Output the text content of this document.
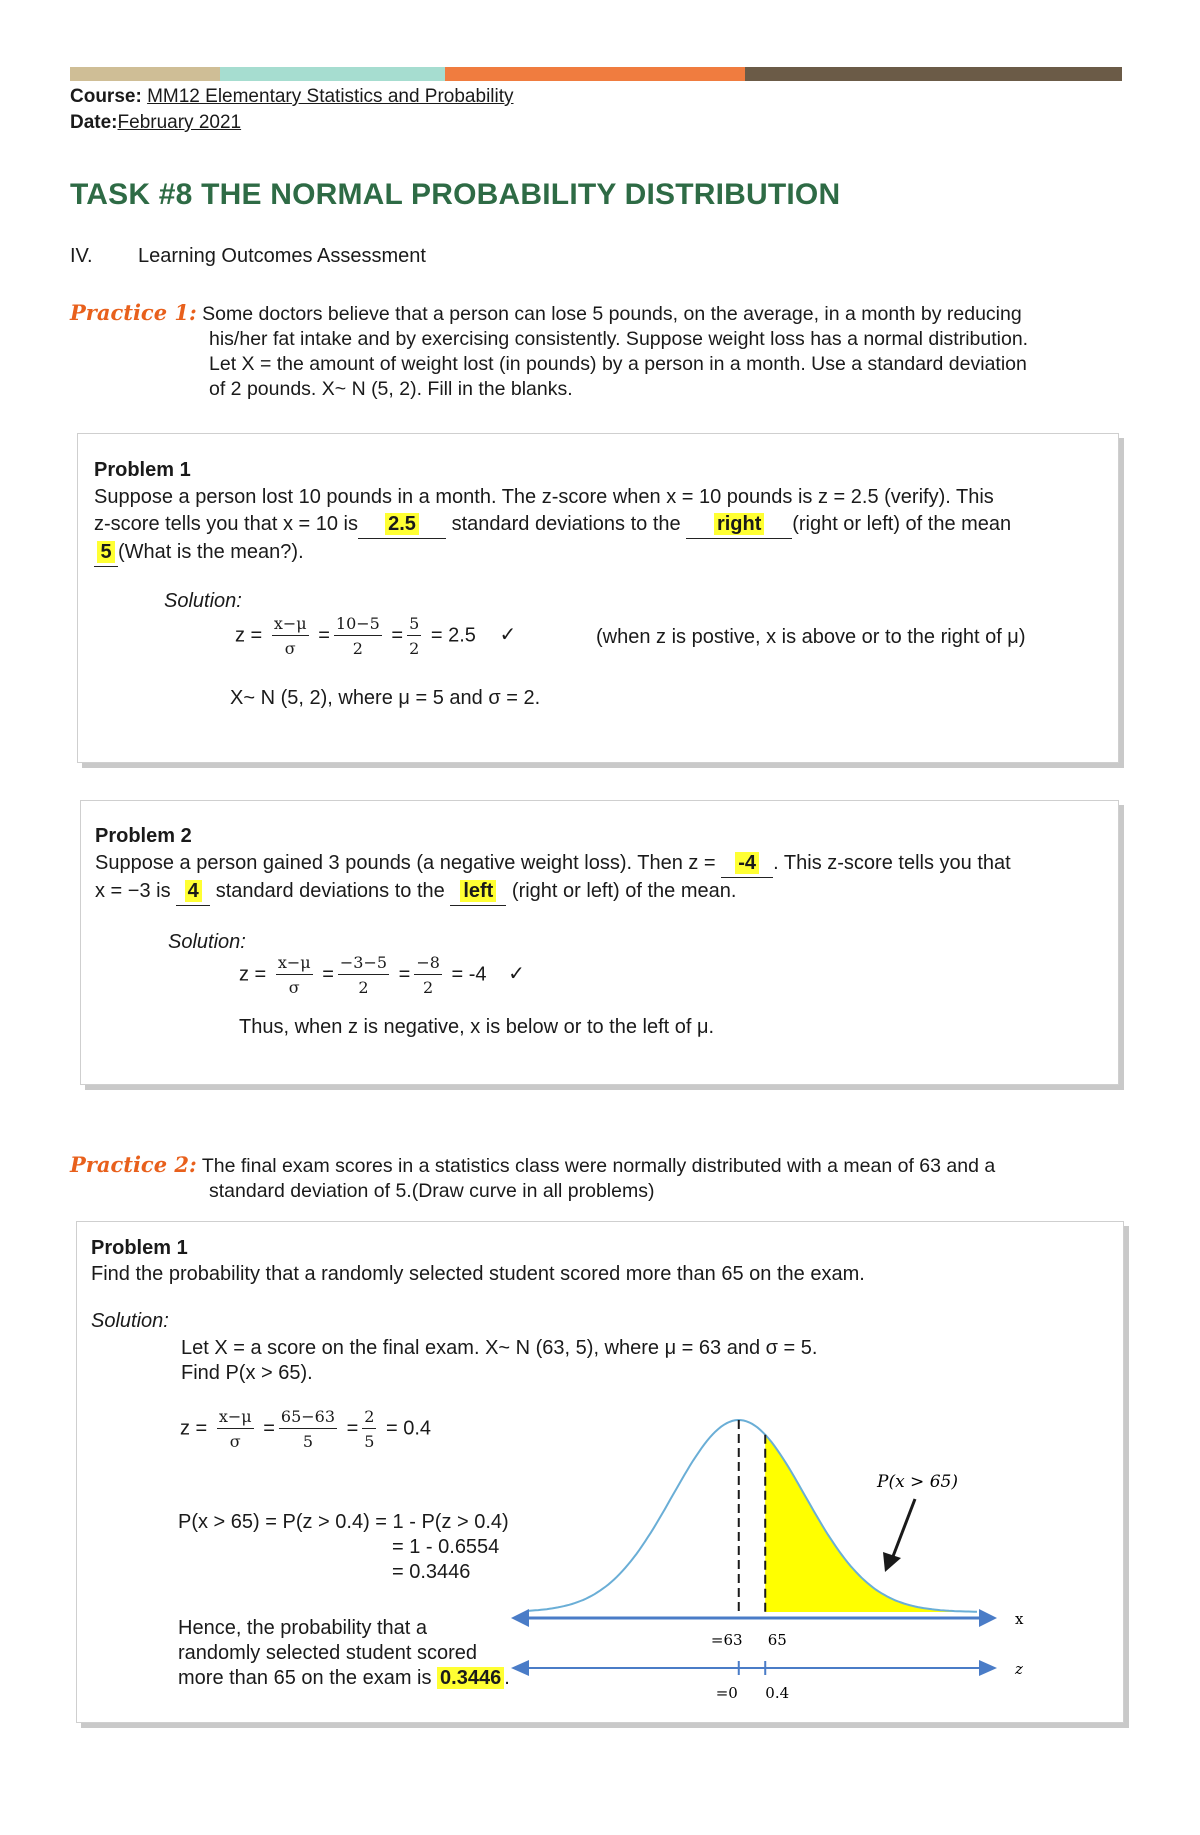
Course: MM12 Elementary Statistics and Probability
Date:February 2021
TASK #8 THE NORMAL PROBABILITY DISTRIBUTION
IV. Learning Outcomes Assessment
Practice 1: Some doctors believe that a person can lose 5 pounds, on the average, in a month by reducing
his/her fat intake and by exercising consistently. Suppose weight loss has a normal distribution.
Let X = the amount of weight lost (in pounds) by a person in a month. Use a standard deviation
of 2 pounds. X~ N (5, 2). Fill in the blanks.
Problem 1
Suppose a person lost 10 pounds in a month. The z-score when x = 10 pounds is z = 2.5 (verify). This
z-score tells you that x = 10 is 2.5 standard deviations to the right (right or left) of the mean
5 (What is the mean?).
Solution:
$z = \frac{x-\mu}{\sigma} = \frac{10-5}{2} = \frac{5}{2} = 2.5$ ✓	(when z is postive, x is above or to the right of μ)
X~ N (5, 2), where μ = 5 and σ = 2.
Problem 2
Suppose a person gained 3 pounds (a negative weight loss). Then z = -4 . This z-score tells you that
x = −3 is 4 standard deviations to the left (right or left) of the mean.
Solution:
$z = \frac{x-\mu}{\sigma} = \frac{-3-5}{2} = \frac{-8}{2} = -4$ ✓
Thus, when z is negative, x is below or to the left of μ.
Practice 2: The final exam scores in a statistics class were normally distributed with a mean of 63 and a
standard deviation of 5.(Draw curve in all problems)
Problem 1
Find the probability that a randomly selected student scored more than 65 on the exam.
Solution:
Let X = a score on the final exam. X~ N (63, 5), where μ = 63 and σ = 5.
Find P(x > 65).
$z = \frac{x-\mu}{\sigma} = \frac{65-63}{5} = \frac{2}{5} = 0.4$
P(x > 65) = P(z > 0.4) = 1 - P(z > 0.4)
= 1 - 0.6554
= 0.3446
Hence, the probability that a
randomly selected student scored
more than 65 on the exam is 0.3446 .
x
z
=63 65
=0 0.4
P(x > 65)
